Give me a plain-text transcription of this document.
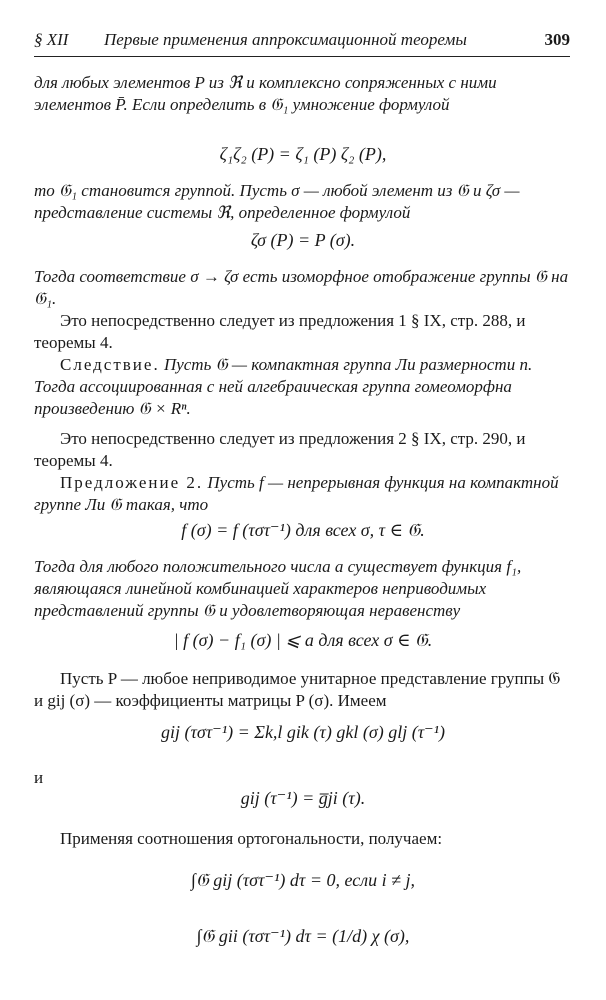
§ XII Первые применения аппроксимационной теоремы	309
для любых элементов P из ℜ и комплексно сопряженных с ними элементов P̄. Если определить в 𝔊₁ умножение формулой
ζ₁ζ₂ (P) = ζ₁ (P) ζ₂ (P),
то 𝔊₁ становится группой. Пусть σ — любой элемент из 𝔊 и ζσ — представление системы ℜ, определенное формулой
ζσ (P) = P (σ).
Тогда соответствие σ → ζσ есть изоморфное отображение группы 𝔊 на 𝔊₁.
Это непосредственно следует из предложения 1 § IX, стр. 288, и теоремы 4.
Следствие. Пусть 𝔊 — компактная группа Ли размерности n. Тогда ассоциированная с ней алгебраическая группа гомеоморфна произведению 𝔊 × Rⁿ.
Это непосредственно следует из предложения 2 § IX, стр. 290, и теоремы 4.
Предложение 2. Пусть f — непрерывная функция на компактной группе Ли 𝔊 такая, что
f (σ) = f (τστ⁻¹) для всех σ, τ ∈ 𝔊.
Тогда для любого положительного числа a существует функция f₁, являющаяся линейной комбинацией характеров неприводимых представлений группы 𝔊 и удовлетворяющая неравенству
| f (σ) − f₁ (σ) | ⩽ a для всех σ ∈ 𝔊.
Пусть P — любое неприводимое унитарное представление группы 𝔊 и gij (σ) — коэффициенты матрицы P (σ). Имеем
gij (τστ⁻¹) = Σk,l gik (τ) gkl (σ) glj (τ⁻¹)
и
gij (τ⁻¹) = g̅ji (τ).
Применяя соотношения ортогональности, получаем:
∫𝔊 gij (τστ⁻¹) dτ = 0, если i ≠ j,
∫𝔊 gii (τστ⁻¹) dτ = (1/d) χ (σ),
